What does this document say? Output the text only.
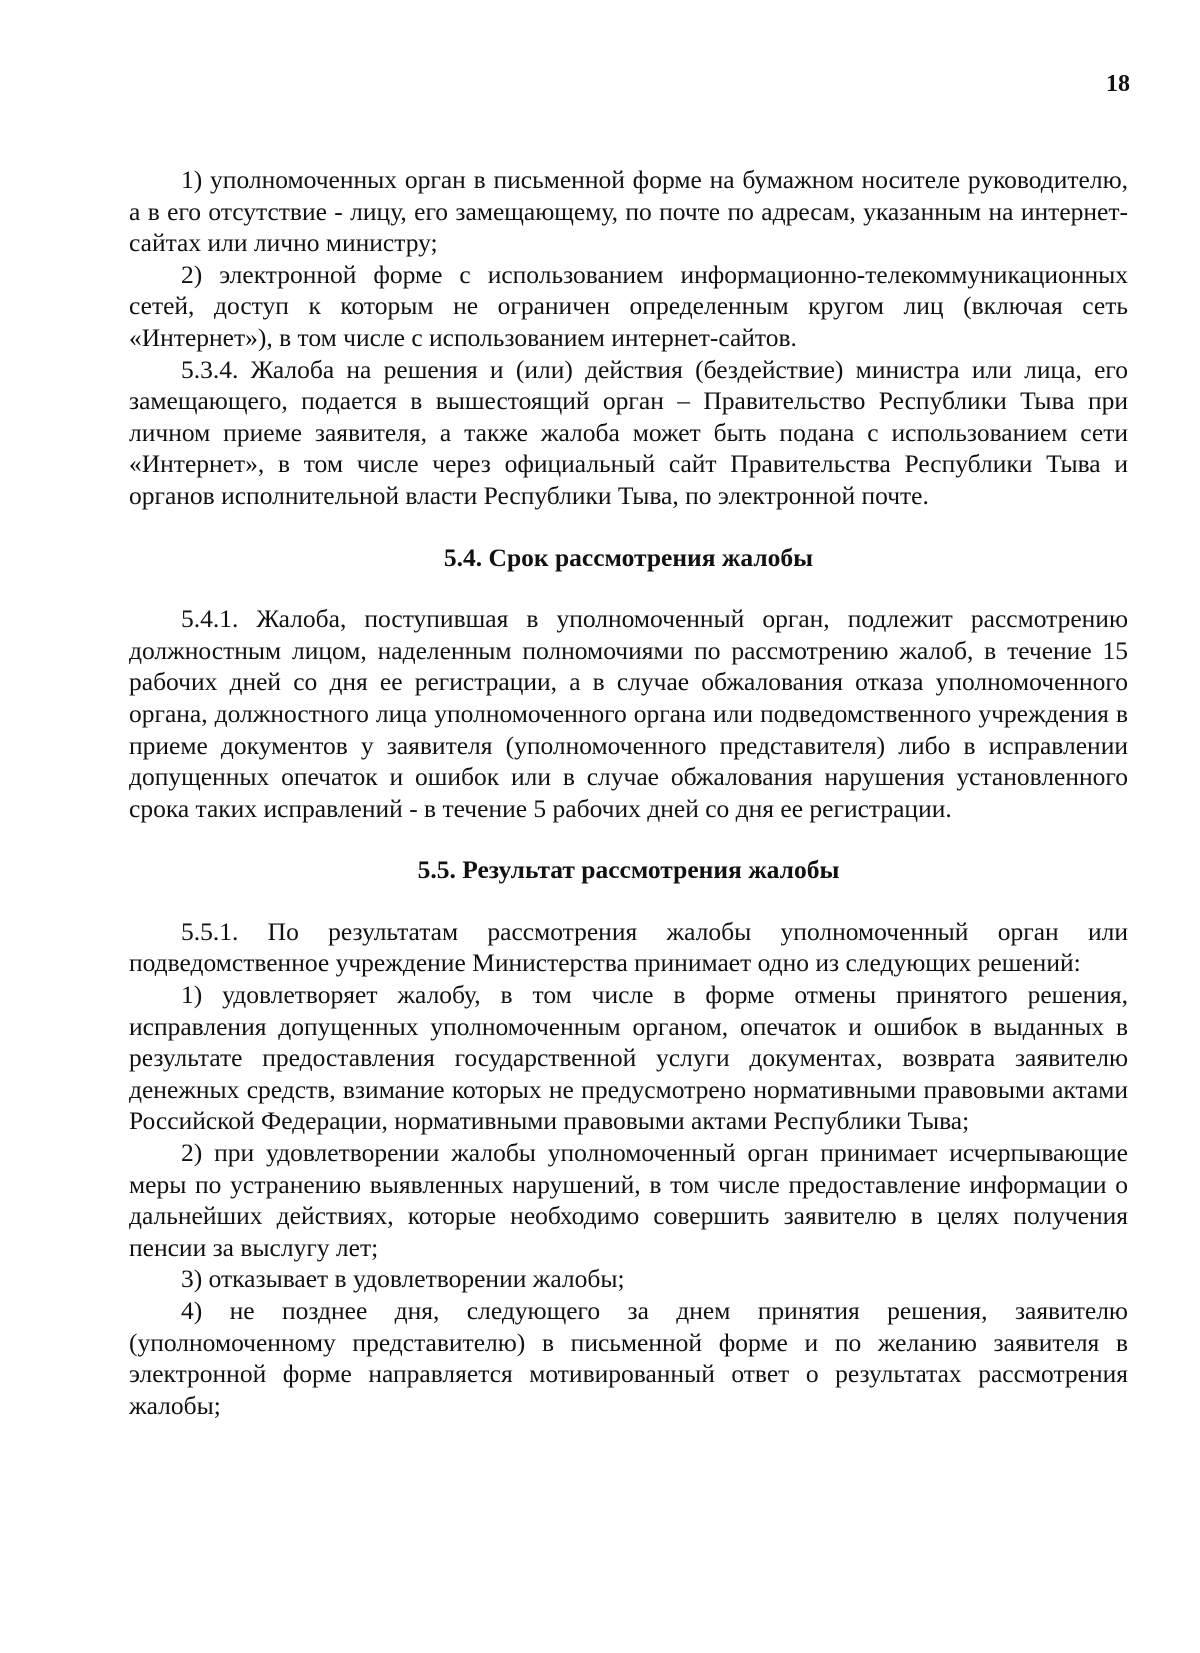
18

1) уполномоченных орган в письменной форме на бумажном носителе руководителю, а в его отсутствие - лицу, его замещающему, по почте по адресам, указанным на интернет-сайтах или лично министру;

2) электронной форме с использованием информационно-телекоммуникационных сетей, доступ к которым не ограничен определенным кругом лиц (включая сеть «Интернет»), в том числе с использованием интернет-сайтов.

5.3.4. Жалоба на решения и (или) действия (бездействие) министра или лица, его замещающего, подается в вышестоящий орган – Правительство Республики Тыва при личном приеме заявителя, а также жалоба может быть подана с использованием сети «Интернет», в том числе через официальный сайт Правительства Республики Тыва и органов исполнительной власти Республики Тыва, по электронной почте.

5.4. Срок рассмотрения жалобы

5.4.1. Жалоба, поступившая в уполномоченный орган, подлежит рассмотрению должностным лицом, наделенным полномочиями по рассмотрению жалоб, в течение 15 рабочих дней со дня ее регистрации, а в случае обжалования отказа уполномоченного органа, должностного лица уполномоченного органа или подведомственного учреждения в приеме документов у заявителя (уполномоченного представителя) либо в исправлении допущенных опечаток и ошибок или в случае обжалования нарушения установленного срока таких исправлений - в течение 5 рабочих дней со дня ее регистрации.

5.5. Результат рассмотрения жалобы

5.5.1. По результатам рассмотрения жалобы уполномоченный орган или подведомственное учреждение Министерства принимает одно из следующих решений:

1) удовлетворяет жалобу, в том числе в форме отмены принятого решения, исправления допущенных уполномоченным органом, опечаток и ошибок в выданных в результате предоставления государственной услуги документах, возврата заявителю денежных средств, взимание которых не предусмотрено нормативными правовыми актами Российской Федерации, нормативными правовыми актами Республики Тыва;

2) при удовлетворении жалобы уполномоченный орган принимает исчерпывающие меры по устранению выявленных нарушений, в том числе предоставление информации о дальнейших действиях, которые необходимо совершить заявителю в целях получения пенсии за выслугу лет;

3) отказывает в удовлетворении жалобы;

4) не позднее дня, следующего за днем принятия решения, заявителю (уполномоченному представителю) в письменной форме и по желанию заявителя в электронной форме направляется мотивированный ответ о результатах рассмотрения жалобы;
